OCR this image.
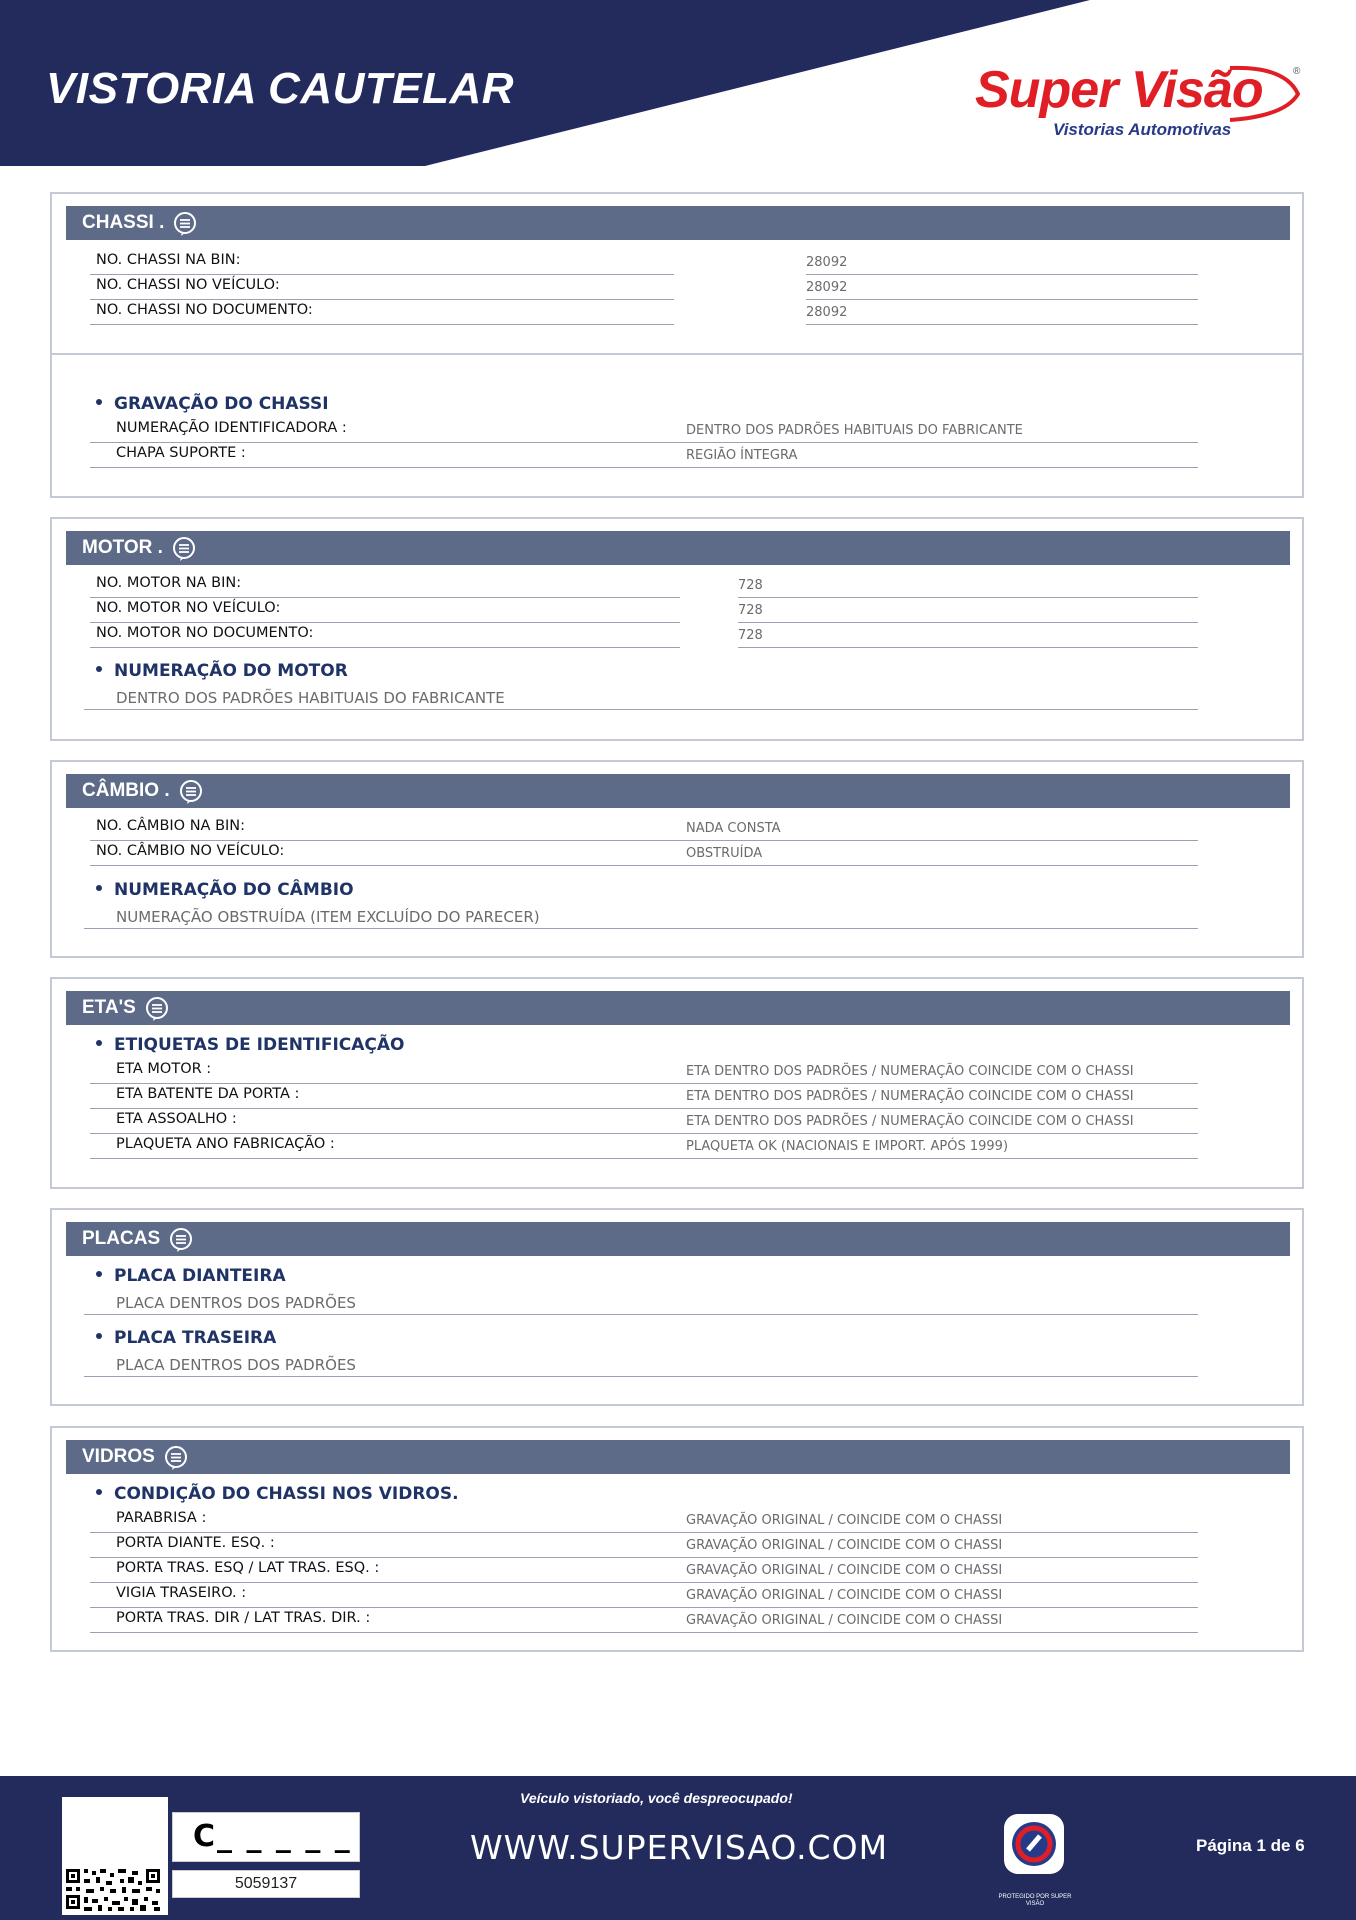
VISTORIA CAUTELAR	Super Visão	®
Vistorias Automotivas
CHASSI .
NO. CHASSI NA BIN:	28092
NO. CHASSI NO VEÍCULO:	28092
NO. CHASSI NO DOCUMENTO:	28092
GRAVAÇÃO DO CHASSI
NUMERAÇÃO IDENTIFICADORA :	DENTRO DOS PADRÕES HABITUAIS DO FABRICANTE
CHAPA SUPORTE :	REGIÃO ÍNTEGRA
MOTOR .
NO. MOTOR NA BIN:	728
NO. MOTOR NO VEÍCULO:	728
NO. MOTOR NO DOCUMENTO:	728
NUMERAÇÃO DO MOTOR
DENTRO DOS PADRÕES HABITUAIS DO FABRICANTE
CÂMBIO .
NO. CÂMBIO NA BIN:	NADA CONSTA
NO. CÂMBIO NO VEÍCULO:	OBSTRUÍDA
NUMERAÇÃO DO CÂMBIO
NUMERAÇÃO OBSTRUÍDA (ITEM EXCLUÍDO DO PARECER)
ETA'S
ETIQUETAS DE IDENTIFICAÇÃO
ETA MOTOR :	ETA DENTRO DOS PADRÕES / NUMERAÇÃO COINCIDE COM O CHASSI
ETA BATENTE DA PORTA :	ETA DENTRO DOS PADRÕES / NUMERAÇÃO COINCIDE COM O CHASSI
ETA ASSOALHO :	ETA DENTRO DOS PADRÕES / NUMERAÇÃO COINCIDE COM O CHASSI
PLAQUETA ANO FABRICAÇÃO :	PLAQUETA OK (NACIONAIS E IMPORT. APÓS 1999)
PLACAS
PLACA DIANTEIRA
PLACA DENTROS DOS PADRÕES
PLACA TRASEIRA
PLACA DENTROS DOS PADRÕES
VIDROS
CONDIÇÃO DO CHASSI NOS VIDROS.
PARABRISA :	GRAVAÇÃO ORIGINAL / COINCIDE COM O CHASSI
PORTA DIANTE. ESQ. :	GRAVAÇÃO ORIGINAL / COINCIDE COM O CHASSI
PORTA TRAS. ESQ / LAT TRAS. ESQ. :	GRAVAÇÃO ORIGINAL / COINCIDE COM O CHASSI
VIGIA TRASEIRO. :	GRAVAÇÃO ORIGINAL / COINCIDE COM O CHASSI
PORTA TRAS. DIR / LAT TRAS. DIR. :	GRAVAÇÃO ORIGINAL / COINCIDE COM O CHASSI
C_ _ _ _ _
5059137
Veículo vistoriado, você despreocupado!
WWW.SUPERVISAO.COM
PROTEGIDO POR SUPER VISÃO
Página 1 de 6
